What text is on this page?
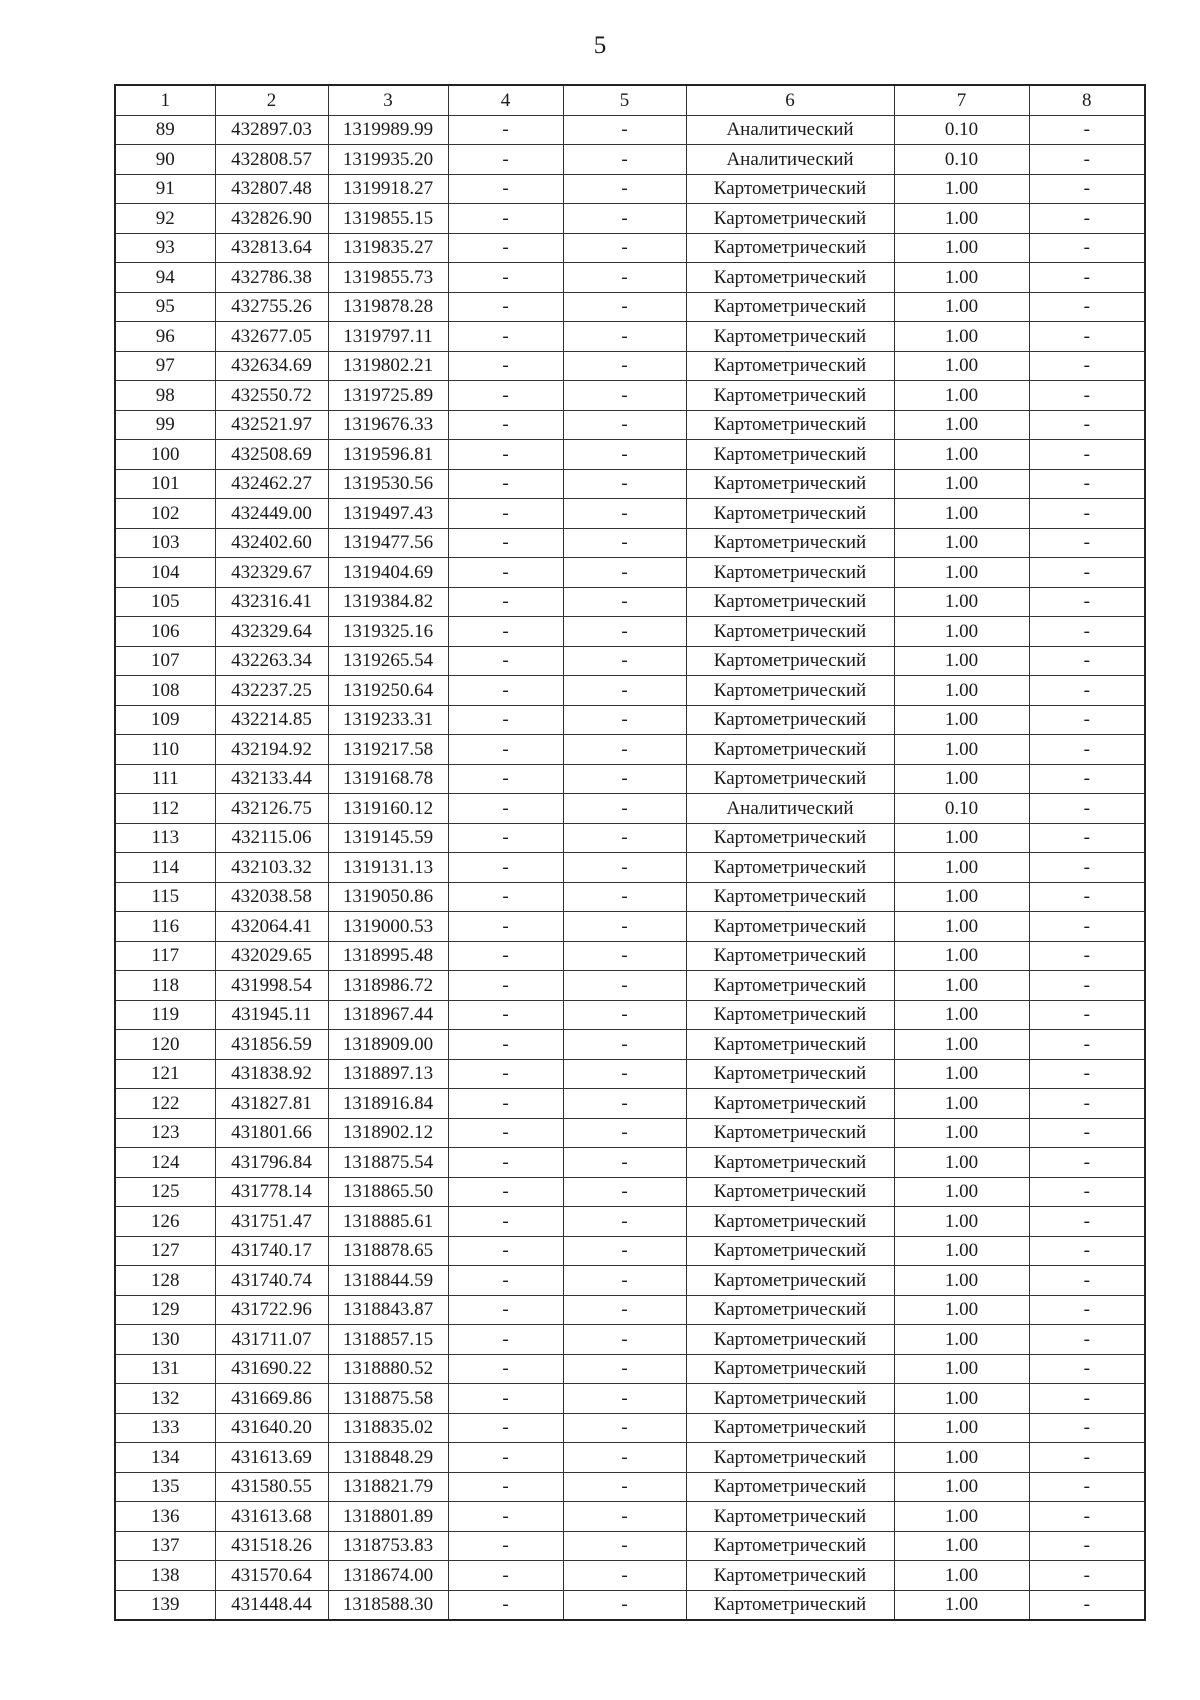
5
1	2	3	4	5	6	7	8
89	432897.03	1319989.99	-	-	Аналитический	0.10	-
90	432808.57	1319935.20	-	-	Аналитический	0.10	-
91	432807.48	1319918.27	-	-	Картометрический	1.00	-
92	432826.90	1319855.15	-	-	Картометрический	1.00	-
93	432813.64	1319835.27	-	-	Картометрический	1.00	-
94	432786.38	1319855.73	-	-	Картометрический	1.00	-
95	432755.26	1319878.28	-	-	Картометрический	1.00	-
96	432677.05	1319797.11	-	-	Картометрический	1.00	-
97	432634.69	1319802.21	-	-	Картометрический	1.00	-
98	432550.72	1319725.89	-	-	Картометрический	1.00	-
99	432521.97	1319676.33	-	-	Картометрический	1.00	-
100	432508.69	1319596.81	-	-	Картометрический	1.00	-
101	432462.27	1319530.56	-	-	Картометрический	1.00	-
102	432449.00	1319497.43	-	-	Картометрический	1.00	-
103	432402.60	1319477.56	-	-	Картометрический	1.00	-
104	432329.67	1319404.69	-	-	Картометрический	1.00	-
105	432316.41	1319384.82	-	-	Картометрический	1.00	-
106	432329.64	1319325.16	-	-	Картометрический	1.00	-
107	432263.34	1319265.54	-	-	Картометрический	1.00	-
108	432237.25	1319250.64	-	-	Картометрический	1.00	-
109	432214.85	1319233.31	-	-	Картометрический	1.00	-
110	432194.92	1319217.58	-	-	Картометрический	1.00	-
111	432133.44	1319168.78	-	-	Картометрический	1.00	-
112	432126.75	1319160.12	-	-	Аналитический	0.10	-
113	432115.06	1319145.59	-	-	Картометрический	1.00	-
114	432103.32	1319131.13	-	-	Картометрический	1.00	-
115	432038.58	1319050.86	-	-	Картометрический	1.00	-
116	432064.41	1319000.53	-	-	Картометрический	1.00	-
117	432029.65	1318995.48	-	-	Картометрический	1.00	-
118	431998.54	1318986.72	-	-	Картометрический	1.00	-
119	431945.11	1318967.44	-	-	Картометрический	1.00	-
120	431856.59	1318909.00	-	-	Картометрический	1.00	-
121	431838.92	1318897.13	-	-	Картометрический	1.00	-
122	431827.81	1318916.84	-	-	Картометрический	1.00	-
123	431801.66	1318902.12	-	-	Картометрический	1.00	-
124	431796.84	1318875.54	-	-	Картометрический	1.00	-
125	431778.14	1318865.50	-	-	Картометрический	1.00	-
126	431751.47	1318885.61	-	-	Картометрический	1.00	-
127	431740.17	1318878.65	-	-	Картометрический	1.00	-
128	431740.74	1318844.59	-	-	Картометрический	1.00	-
129	431722.96	1318843.87	-	-	Картометрический	1.00	-
130	431711.07	1318857.15	-	-	Картометрический	1.00	-
131	431690.22	1318880.52	-	-	Картометрический	1.00	-
132	431669.86	1318875.58	-	-	Картометрический	1.00	-
133	431640.20	1318835.02	-	-	Картометрический	1.00	-
134	431613.69	1318848.29	-	-	Картометрический	1.00	-
135	431580.55	1318821.79	-	-	Картометрический	1.00	-
136	431613.68	1318801.89	-	-	Картометрический	1.00	-
137	431518.26	1318753.83	-	-	Картометрический	1.00	-
138	431570.64	1318674.00	-	-	Картометрический	1.00	-
139	431448.44	1318588.30	-	-	Картометрический	1.00	-
